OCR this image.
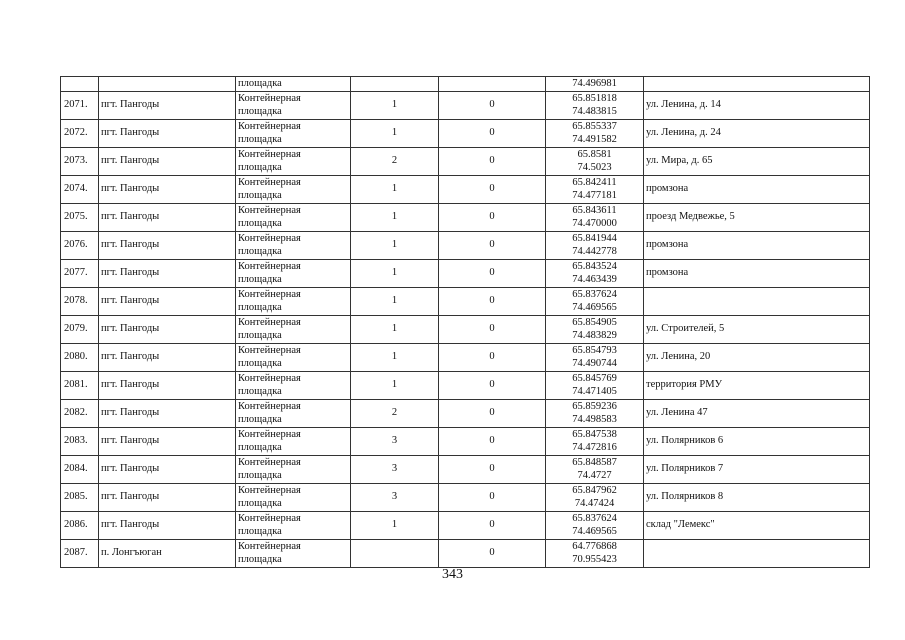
		площадка			74.496981	
2071.	пгт. Пангоды	Контейнерная
площадка	1	0	65.851818
74.483815	ул. Ленина, д. 14
2072.	пгт. Пангоды	Контейнерная
площадка	1	0	65.855337
74.491582	ул. Ленина, д. 24
2073.	пгт. Пангоды	Контейнерная
площадка	2	0	65.8581
74.5023	ул. Мира, д. 65
2074.	пгт. Пангоды	Контейнерная
площадка	1	0	65.842411
74.477181	промзона
2075.	пгт. Пангоды	Контейнерная
площадка	1	0	65.843611
74.470000	проезд Медвежье, 5
2076.	пгт. Пангоды	Контейнерная
площадка	1	0	65.841944
74.442778	промзона
2077.	пгт. Пангоды	Контейнерная
площадка	1	0	65.843524
74.463439	промзона
2078.	пгт. Пангоды	Контейнерная
площадка	1	0	65.837624
74.469565	

2079.	пгт. Пангоды	Контейнерная
площадка	1	0	65.854905
74.483829	ул. Строителей, 5
2080.	пгт. Пангоды	Контейнерная
площадка	1	0	65.854793
74.490744	ул. Ленина, 20
2081.	пгт. Пангоды	Контейнерная
площадка	1	0	65.845769
74.471405	территория РМУ
2082.	пгт. Пангоды	Контейнерная
площадка	2	0	65.859236
74.498583	ул. Ленина 47
2083.	пгт. Пангоды	Контейнерная
площадка	3	0	65.847538
74.472816	ул. Полярников 6
2084.	пгт. Пангоды	Контейнерная
площадка	3	0	65.848587
74.4727	ул. Полярников 7
2085.	пгт. Пангоды	Контейнерная
площадка	3	0	65.847962
74.47424	ул. Полярников 8
2086.	пгт. Пангоды	Контейнерная
площадка	1	0	65.837624
74.469565	склад "Лемекс"
2087.	п. Лонгъюган	Контейнерная
площадка		0	64.776868
70.955423	

343
